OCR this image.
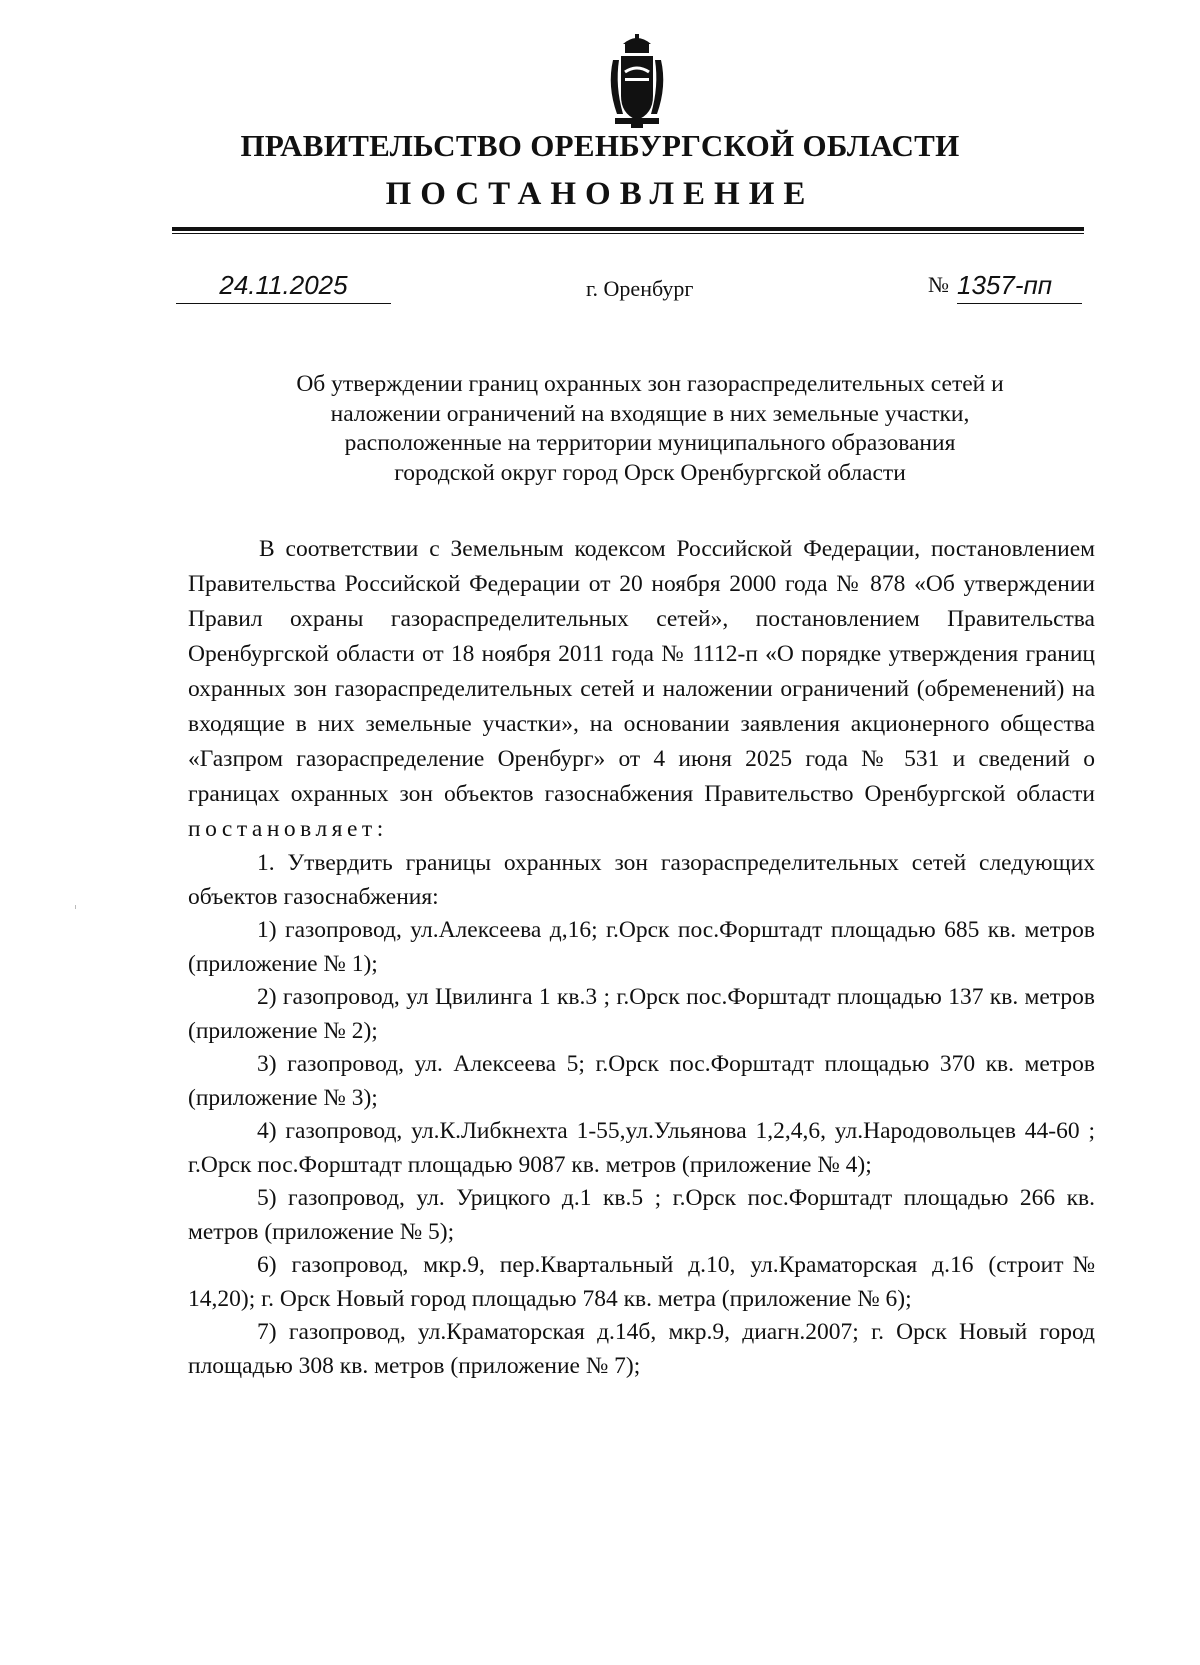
ПРАВИТЕЛЬСТВО ОРЕНБУРГСКОЙ ОБЛАСТИ
ПОСТАНОВЛЕНИЕ
24.11.2025	г. Оренбург	№ 1357-пп
Об утверждении границ охранных зон газораспределительных сетей и
наложении ограничений на входящие в них земельные участки,
расположенные на территории муниципального образования
городской округ город Орск Оренбургской области

В соответствии с Земельным кодексом Российской Федерации, постановлением Правительства Российской Федерации от 20 ноября 2000 года № 878 «Об утверждении Правил охраны газораспределительных сетей», постановлением Правительства Оренбургской области от 18 ноября 2011 года № 1112-п «О порядке утверждения границ охранных зон газораспределительных сетей и наложении ограничений (обременений) на входящие в них земельные участки», на основании заявления акционерного общества «Газпром газораспределение Оренбург» от 4 июня 2025 года № 531 и сведений о границах охранных зон объектов газоснабжения Правительство Оренбургской области постановляет:

1. Утвердить границы охранных зон газораспределительных сетей следующих объектов газоснабжения:

1) газопровод, ул.Алексеева д,16; г.Орск пос.Форштадт площадью 685 кв. метров (приложение № 1);

2) газопровод, ул Цвилинга 1 кв.3 ; г.Орск пос.Форштадт площадью 137 кв. метров (приложение № 2);

3) газопровод, ул. Алексеева 5; г.Орск пос.Форштадт площадью 370 кв. метров (приложение № 3);

4) газопровод, ул.К.Либкнехта 1-55,ул.Ульянова 1,2,4,6, ул.Народовольцев 44-60 ; г.Орск пос.Форштадт площадью 9087 кв. метров (приложение № 4);

5) газопровод, ул. Урицкого д.1 кв.5 ; г.Орск пос.Форштадт площадью 266 кв. метров (приложение № 5);

6) газопровод, мкр.9, пер.Квартальный д.10, ул.Краматорская д.16 (строит№ 14,20); г. Орск Новый город площадью 784 кв. метра (приложение № 6);

7) газопровод, ул.Краматорская д.14б, мкр.9, диагн.2007; г. Орск Новый город площадью 308 кв. метров (приложение № 7);
